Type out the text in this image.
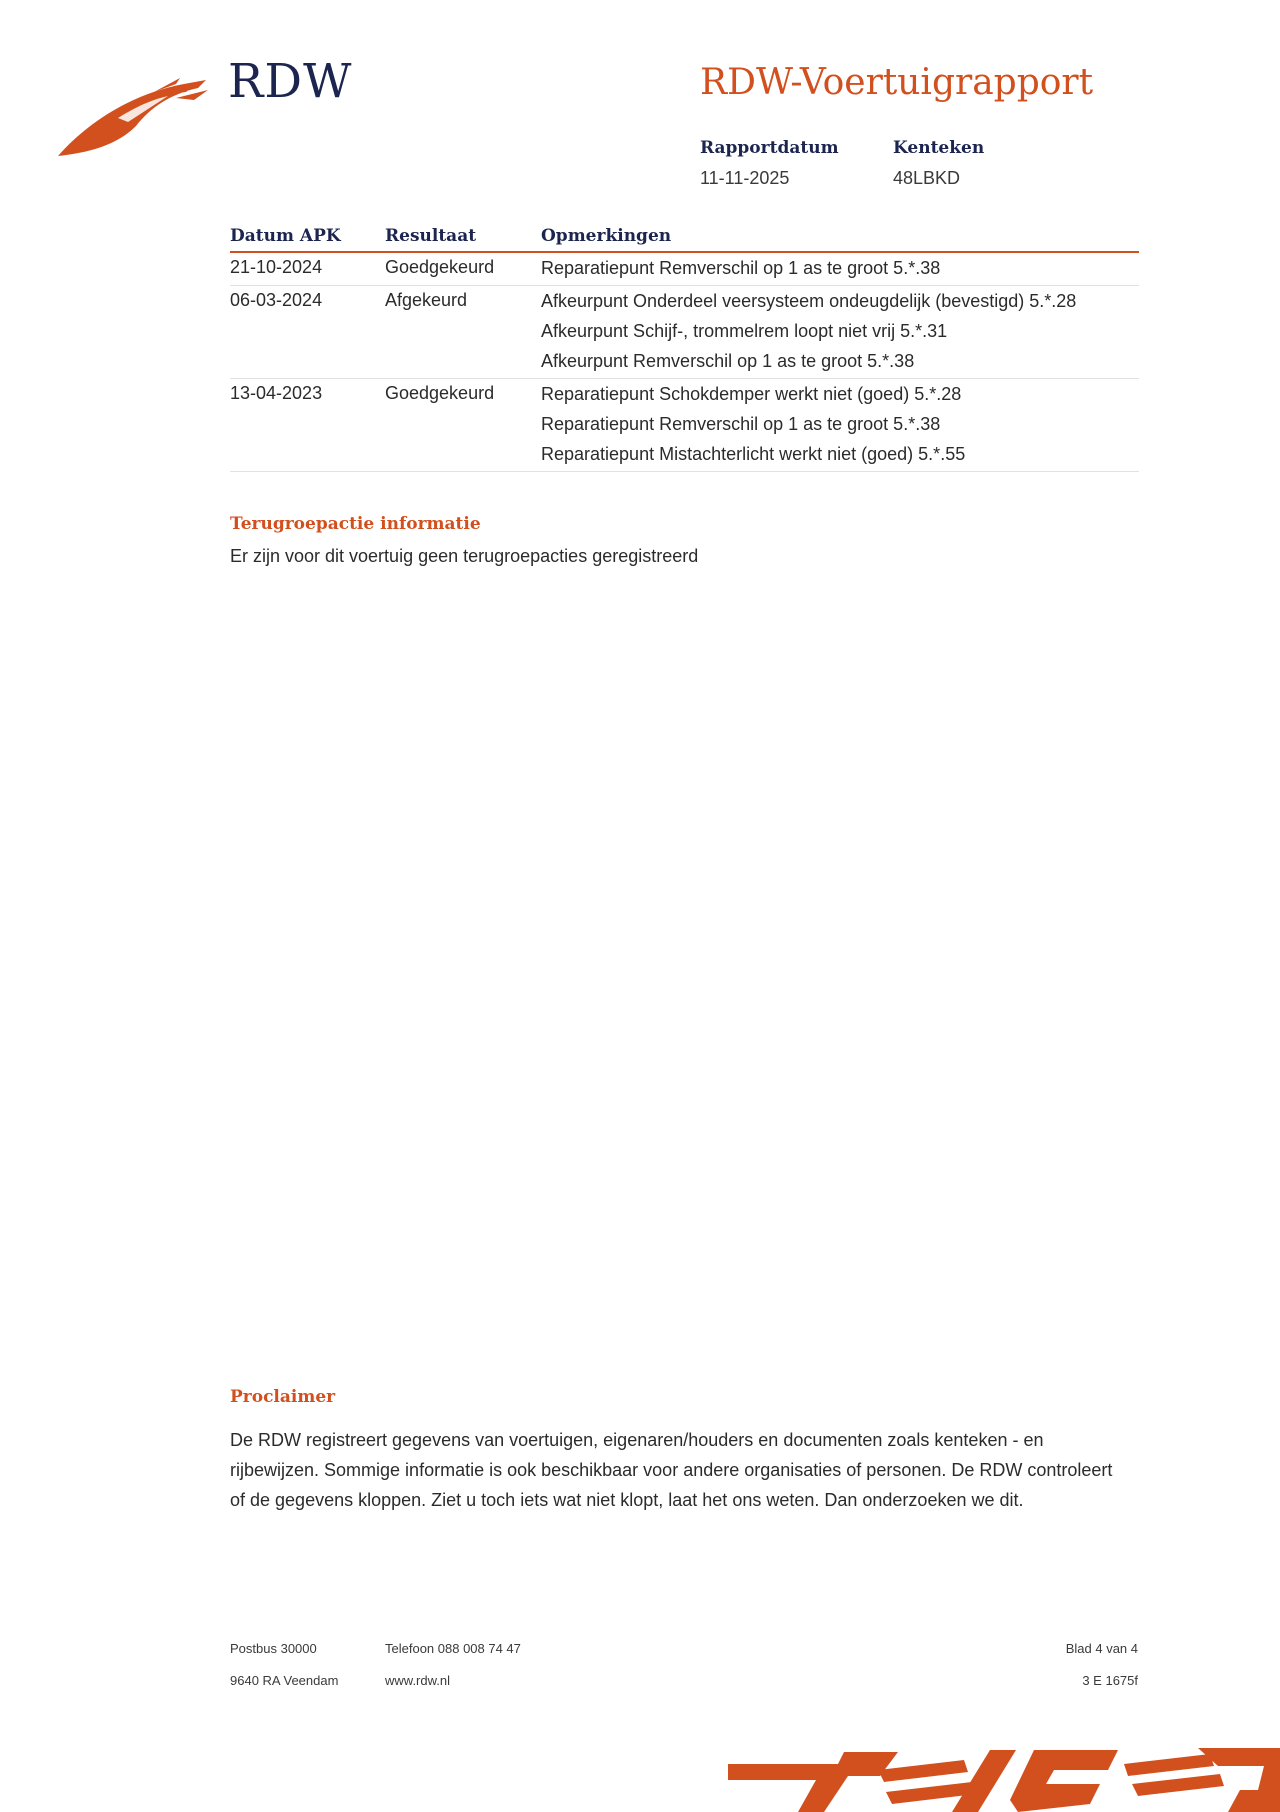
RDW	RDW-Voertuigrapport
Rapportdatum
11-11-2025
Kenteken
48LBKD
Datum APK	Resultaat	Opmerkingen
21-10-2024	Goedgekeurd	Reparatiepunt Remverschil op 1 as te groot 5.*.38
06-03-2024	Afgekeurd	Afkeurpunt Onderdeel veersysteem ondeugdelijk (bevestigd) 5.*.28
Afkeurpunt Schijf-, trommelrem loopt niet vrij 5.*.31
Afkeurpunt Remverschil op 1 as te groot 5.*.38
13-04-2023	Goedgekeurd	Reparatiepunt Schokdemper werkt niet (goed) 5.*.28
Reparatiepunt Remverschil op 1 as te groot 5.*.38
Reparatiepunt Mistachterlicht werkt niet (goed) 5.*.55
Terugroepactie informatie
Er zijn voor dit voertuig geen terugroepacties geregistreerd
Proclaimer
De RDW registreert gegevens van voertuigen, eigenaren/houders en documenten zoals kenteken - en rijbewijzen. Sommige informatie is ook beschikbaar voor andere organisaties of personen. De RDW controleert of de gegevens kloppen. Ziet u toch iets wat niet klopt, laat het ons weten. Dan onderzoeken we dit.
Postbus 30000
9640 RA Veendam
Telefoon 088 008 74 47
www.rdw.nl
Blad 4 van 4
3 E 1675f
